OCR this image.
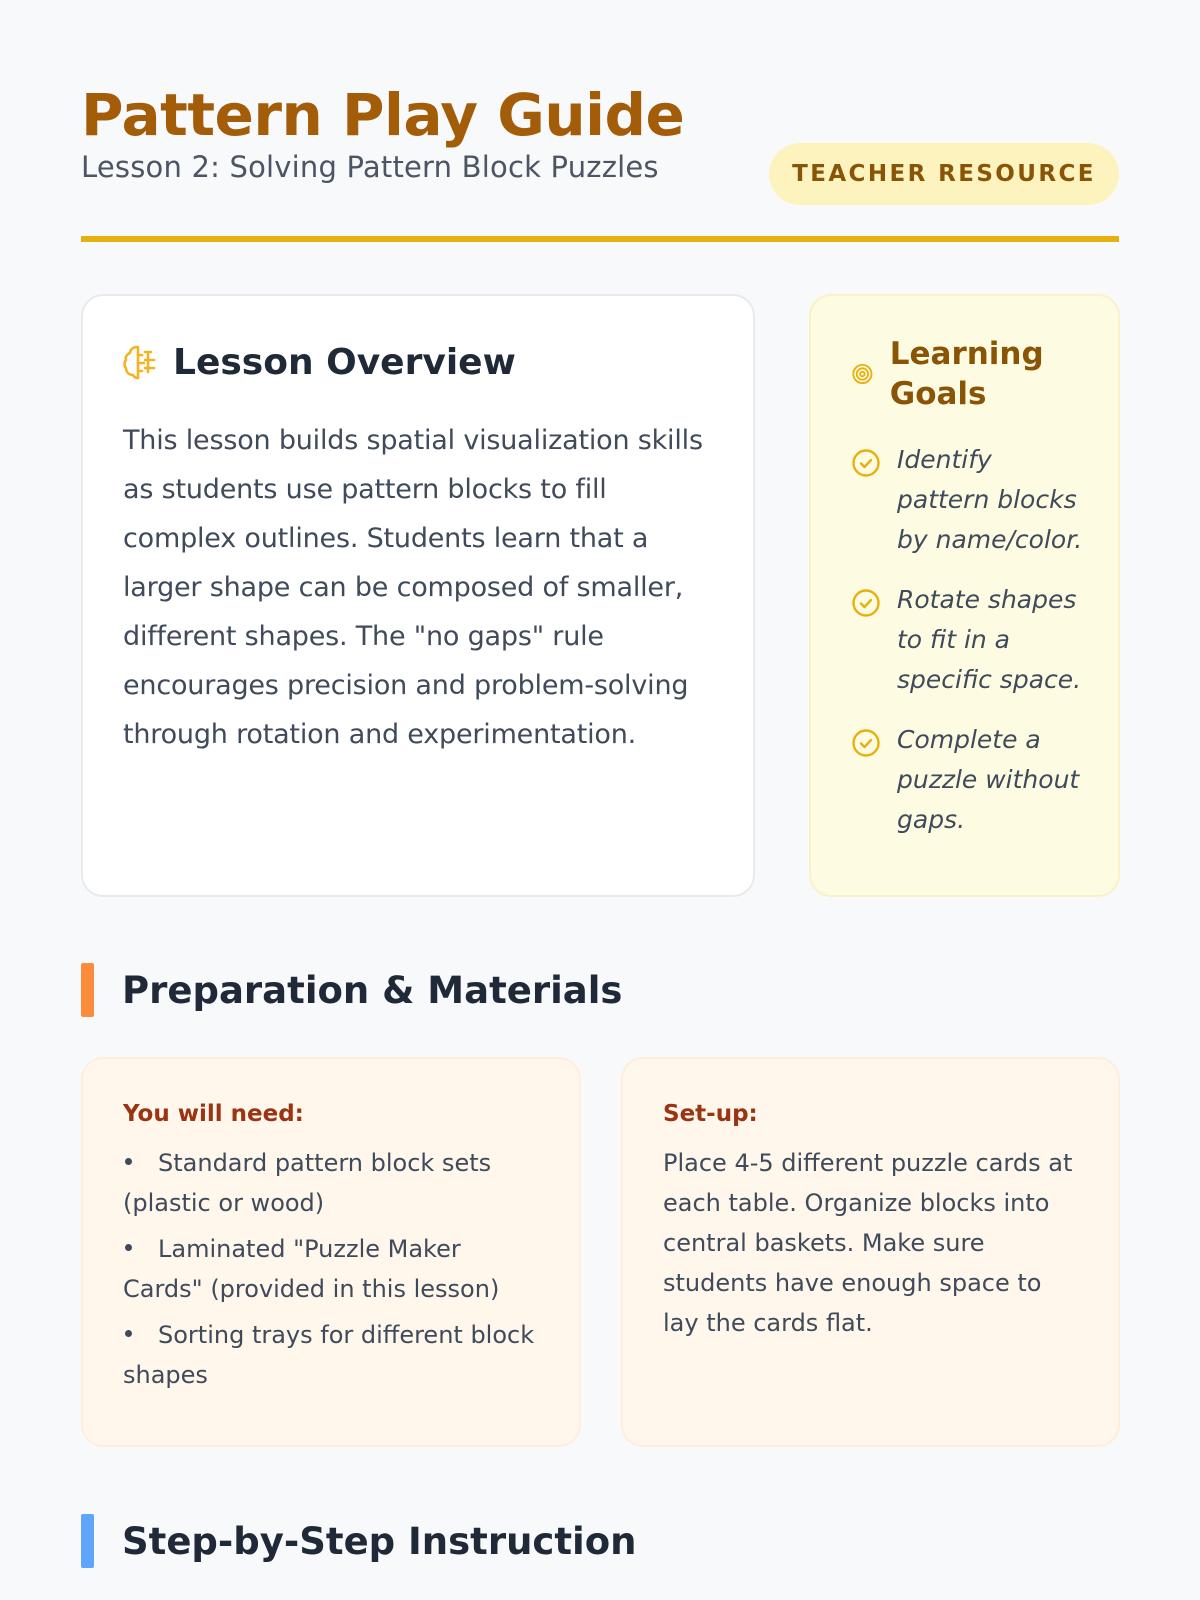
Pattern Play Guide
Lesson 2: Solving Pattern Block Puzzles	TEACHER RESOURCE
Lesson Overview

This lesson builds spatial visualization skills as students use pattern blocks to fill complex outlines. Students learn that a larger shape can be composed of smaller, different shapes. The "no gaps" rule encourages precision and problem-solving through rotation and experimentation.

Learning Goals
Identify pattern blocks by name/color.
Rotate shapes to fit in a specific space.
Complete a puzzle without gaps.
Preparation & Materials
You will need:
Standard pattern block sets (plastic or wood)
Laminated "Puzzle Maker Cards" (provided in this lesson)
Sorting trays for different block shapes
Set-up:

Place 4-5 different puzzle cards at each table. Organize blocks into central baskets. Make sure students have enough space to lay the cards flat.

Step-by-Step Instruction
